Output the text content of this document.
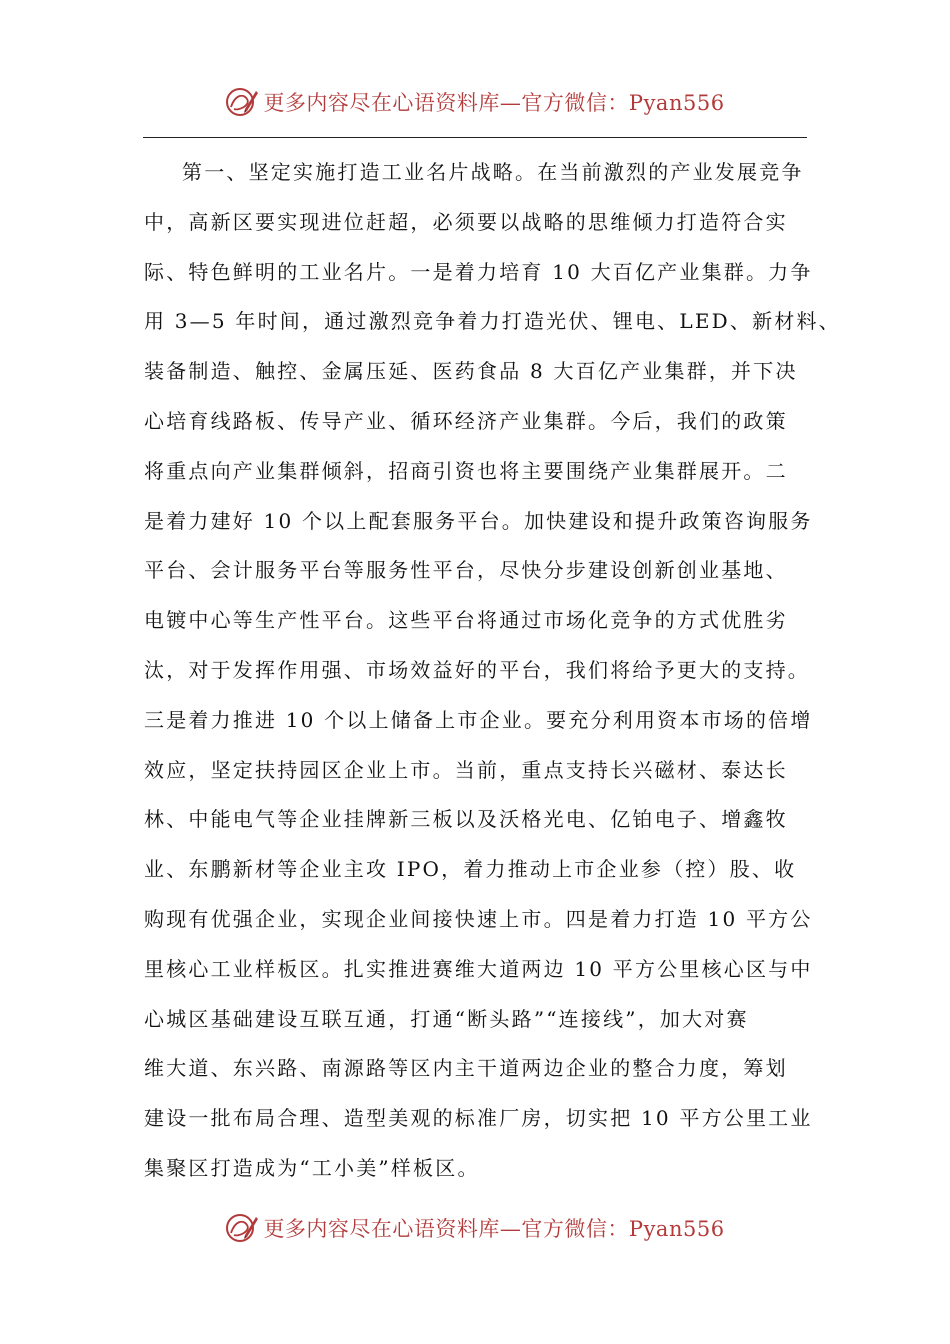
更多内容尽在心语资料库—官方微信：Pyan556
第一、坚定实施打造工业名片战略。在当前激烈的产业发展竞争
中，高新区要实现进位赶超，必须要以战略的思维倾力打造符合实
际、特色鲜明的工业名片。一是着力培育 10 大百亿产业集群。力争
用 3—5 年时间，通过激烈竞争着力打造光伏、锂电、LED、新材料、
装备制造、触控、金属压延、医药食品 8 大百亿产业集群，并下决
心培育线路板、传导产业、循环经济产业集群。今后，我们的政策
将重点向产业集群倾斜，招商引资也将主要围绕产业集群展开。二
是着力建好 10 个以上配套服务平台。加快建设和提升政策咨询服务
平台、会计服务平台等服务性平台，尽快分步建设创新创业基地、
电镀中心等生产性平台。这些平台将通过市场化竞争的方式优胜劣
汰，对于发挥作用强、市场效益好的平台，我们将给予更大的支持。
三是着力推进 10 个以上储备上市企业。要充分利用资本市场的倍增
效应，坚定扶持园区企业上市。当前，重点支持长兴磁材、泰达长
林、中能电气等企业挂牌新三板以及沃格光电、亿铂电子、增鑫牧
业、东鹏新材等企业主攻 IPO，着力推动上市企业参（控）股、收
购现有优强企业，实现企业间接快速上市。四是着力打造 10 平方公
里核心工业样板区。扎实推进赛维大道两边 10 平方公里核心区与中
心城区基础建设互联互通，打通“断头路”“连接线”，加大对赛
维大道、东兴路、南源路等区内主干道两边企业的整合力度，筹划
建设一批布局合理、造型美观的标准厂房，切实把 10 平方公里工业
集聚区打造成为“工小美”样板区。
更多内容尽在心语资料库—官方微信：Pyan556
